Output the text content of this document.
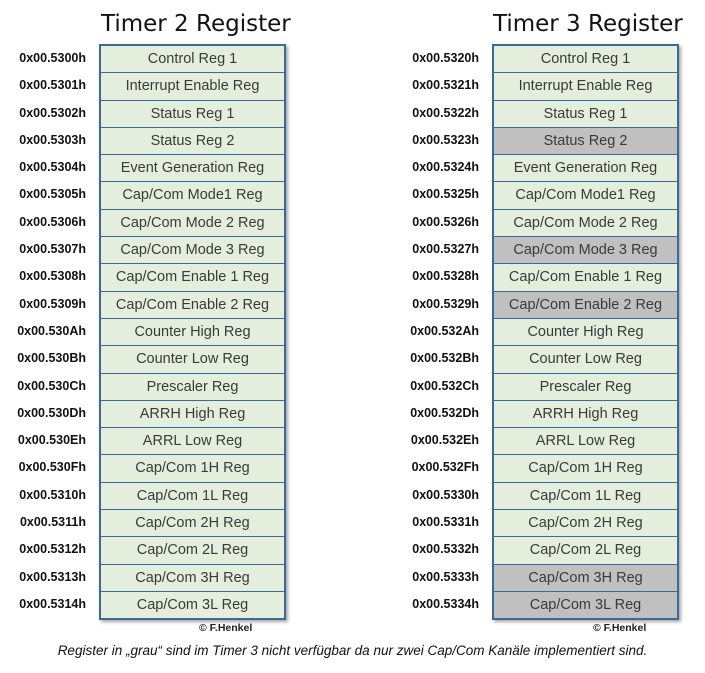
Timer 2 Register
0x00.5300h
0x00.5301h
0x00.5302h
0x00.5303h
0x00.5304h
0x00.5305h
0x00.5306h
0x00.5307h
0x00.5308h
0x00.5309h
0x00.530Ah
0x00.530Bh
0x00.530Ch
0x00.530Dh
0x00.530Eh
0x00.530Fh
0x00.5310h
0x00.5311h
0x00.5312h
0x00.5313h
0x00.5314h
Control Reg 1
Interrupt Enable Reg
Status Reg 1
Status Reg 2
Event Generation Reg
Cap/Com Mode1 Reg
Cap/Com Mode 2 Reg
Cap/Com Mode 3 Reg
Cap/Com Enable 1 Reg
Cap/Com Enable 2 Reg
Counter High Reg
Counter Low Reg
Prescaler Reg
ARRH High Reg
ARRL Low Reg
Cap/Com 1H Reg
Cap/Com 1L Reg
Cap/Com 2H Reg
Cap/Com 2L Reg
Cap/Com 3H Reg
Cap/Com 3L Reg
© F.Henkel
Timer 3 Register
0x00.5320h
0x00.5321h
0x00.5322h
0x00.5323h
0x00.5324h
0x00.5325h
0x00.5326h
0x00.5327h
0x00.5328h
0x00.5329h
0x00.532Ah
0x00.532Bh
0x00.532Ch
0x00.532Dh
0x00.532Eh
0x00.532Fh
0x00.5330h
0x00.5331h
0x00.5332h
0x00.5333h
0x00.5334h
Control Reg 1
Interrupt Enable Reg
Status Reg 1
Status Reg 2
Event Generation Reg
Cap/Com Mode1 Reg
Cap/Com Mode 2 Reg
Cap/Com Mode 3 Reg
Cap/Com Enable 1 Reg
Cap/Com Enable 2 Reg
Counter High Reg
Counter Low Reg
Prescaler Reg
ARRH High Reg
ARRL Low Reg
Cap/Com 1H Reg
Cap/Com 1L Reg
Cap/Com 2H Reg
Cap/Com 2L Reg
Cap/Com 3H Reg
Cap/Com 3L Reg
© F.Henkel
Register in „grau“ sind im Timer 3 nicht verfügbar da nur zwei Cap/Com Kanäle implementiert sind.
